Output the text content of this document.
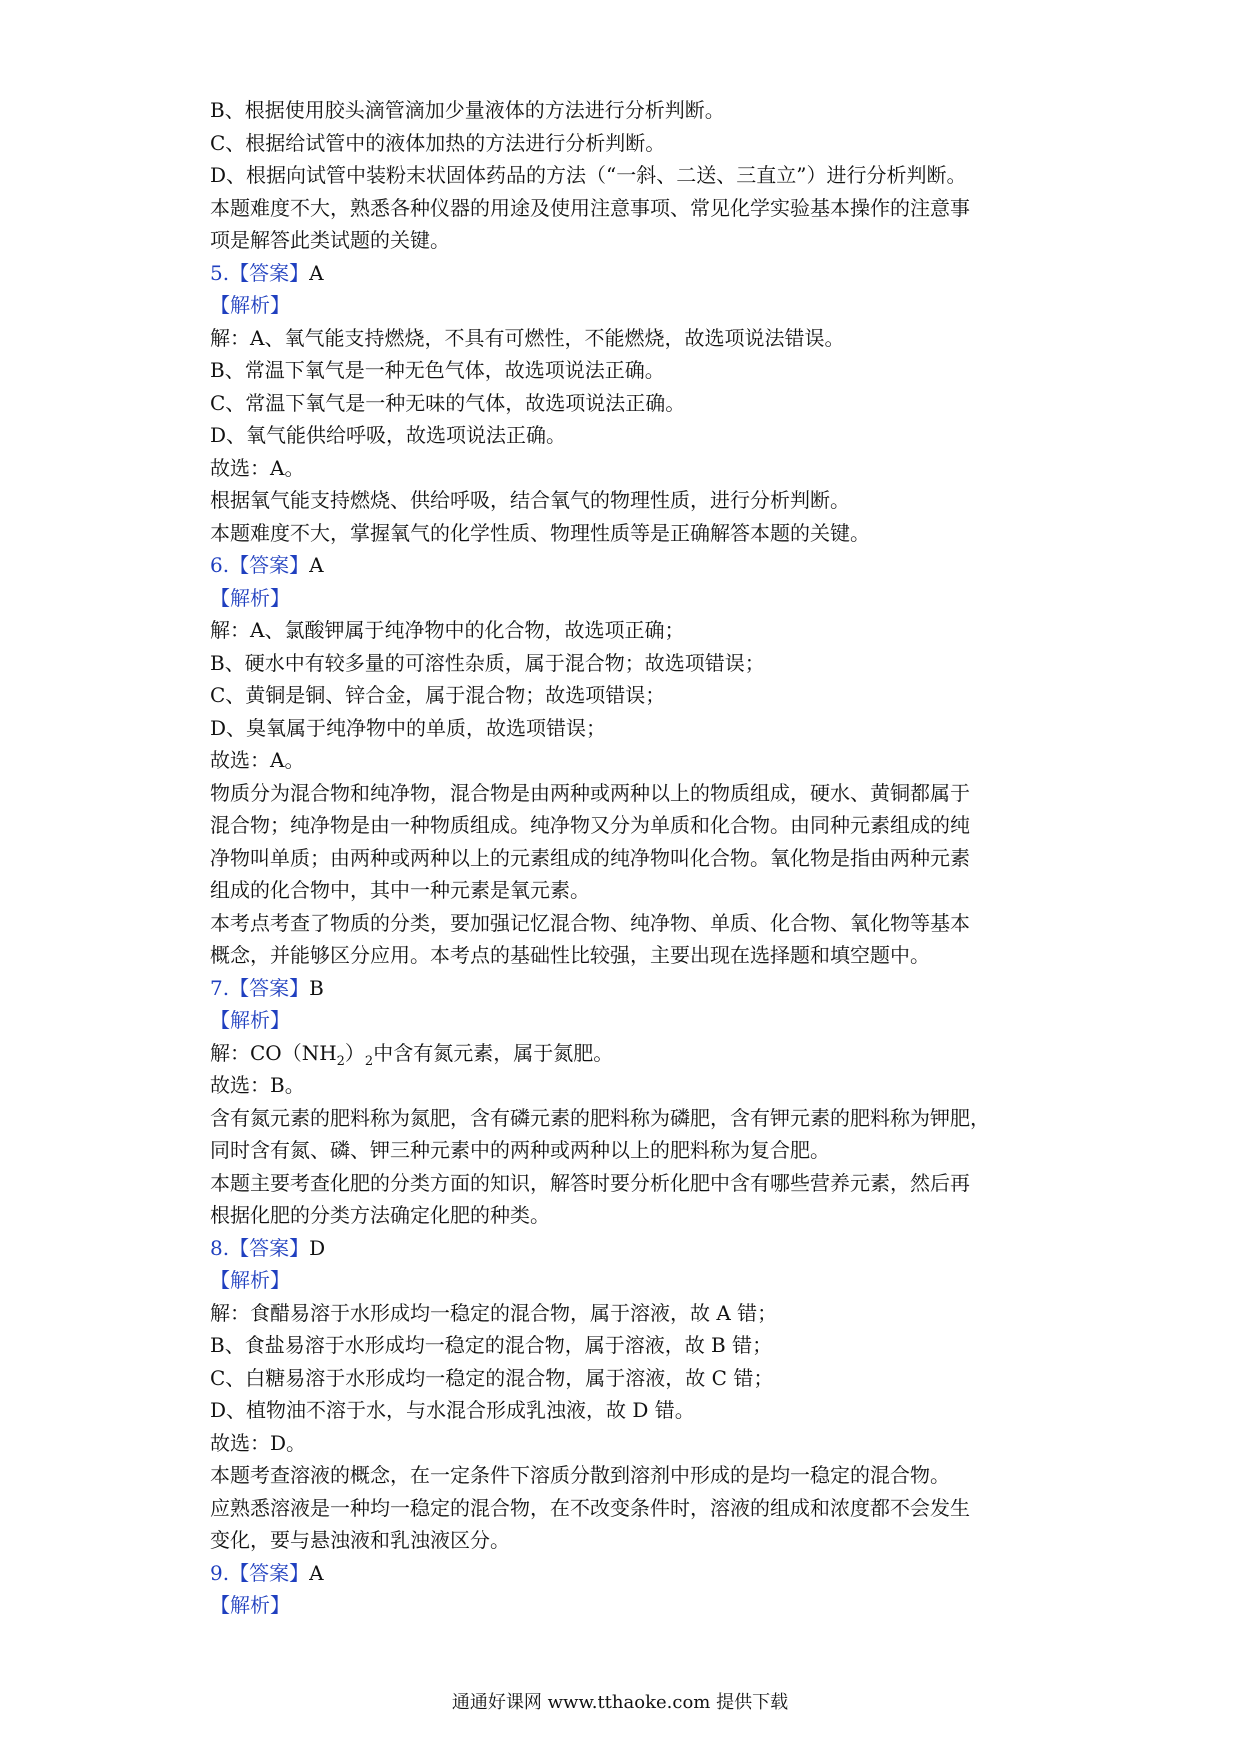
B、根据使用胶头滴管滴加少量液体的方法进行分析判断。
C、根据给试管中的液体加热的方法进行分析判断。
D、根据向试管中装粉末状固体药品的方法（“一斜、二送、三直立”）进行分析判断。
本题难度不大，熟悉各种仪器的用途及使用注意事项、常见化学实验基本操作的注意事
项是解答此类试题的关键。
5.【答案】A
【解析】
解：A、氧气能支持燃烧，不具有可燃性，不能燃烧，故选项说法错误。
B、常温下氧气是一种无色气体，故选项说法正确。
C、常温下氧气是一种无味的气体，故选项说法正确。
D、氧气能供给呼吸，故选项说法正确。
故选：A。
根据氧气能支持燃烧、供给呼吸，结合氧气的物理性质，进行分析判断。
本题难度不大，掌握氧气的化学性质、物理性质等是正确解答本题的关键。
6.【答案】A
【解析】
解：A、氯酸钾属于纯净物中的化合物，故选项正确；
B、硬水中有较多量的可溶性杂质，属于混合物；故选项错误；
C、黄铜是铜、锌合金，属于混合物；故选项错误；
D、臭氧属于纯净物中的单质，故选项错误；
故选：A。
物质分为混合物和纯净物，混合物是由两种或两种以上的物质组成，硬水、黄铜都属于
混合物；纯净物是由一种物质组成。纯净物又分为单质和化合物。由同种元素组成的纯
净物叫单质；由两种或两种以上的元素组成的纯净物叫化合物。氧化物是指由两种元素
组成的化合物中，其中一种元素是氧元素。
本考点考查了物质的分类，要加强记忆混合物、纯净物、单质、化合物、氧化物等基本
概念，并能够区分应用。本考点的基础性比较强，主要出现在选择题和填空题中。
7.【答案】B
【解析】
解：$CO(NH_2)_2$中含有氮元素，属于氮肥。
故选：B。
含有氮元素的肥料称为氮肥，含有磷元素的肥料称为磷肥，含有钾元素的肥料称为钾肥，
同时含有氮、磷、钾三种元素中的两种或两种以上的肥料称为复合肥。
本题主要考查化肥的分类方面的知识，解答时要分析化肥中含有哪些营养元素，然后再
根据化肥的分类方法确定化肥的种类。
8.【答案】D
【解析】
解：食醋易溶于水形成均一稳定的混合物，属于溶液，故 A 错；
B、食盐易溶于水形成均一稳定的混合物，属于溶液，故 B 错；
C、白糖易溶于水形成均一稳定的混合物，属于溶液，故 C 错；
D、植物油不溶于水，与水混合形成乳浊液，故 D 错。
故选：D。
本题考查溶液的概念，在一定条件下溶质分散到溶剂中形成的是均一稳定的混合物。
应熟悉溶液是一种均一稳定的混合物，在不改变条件时，溶液的组成和浓度都不会发生
变化，要与悬浊液和乳浊液区分。
9.【答案】A
【解析】
通通好课网 www.tthaoke.com 提供下载
